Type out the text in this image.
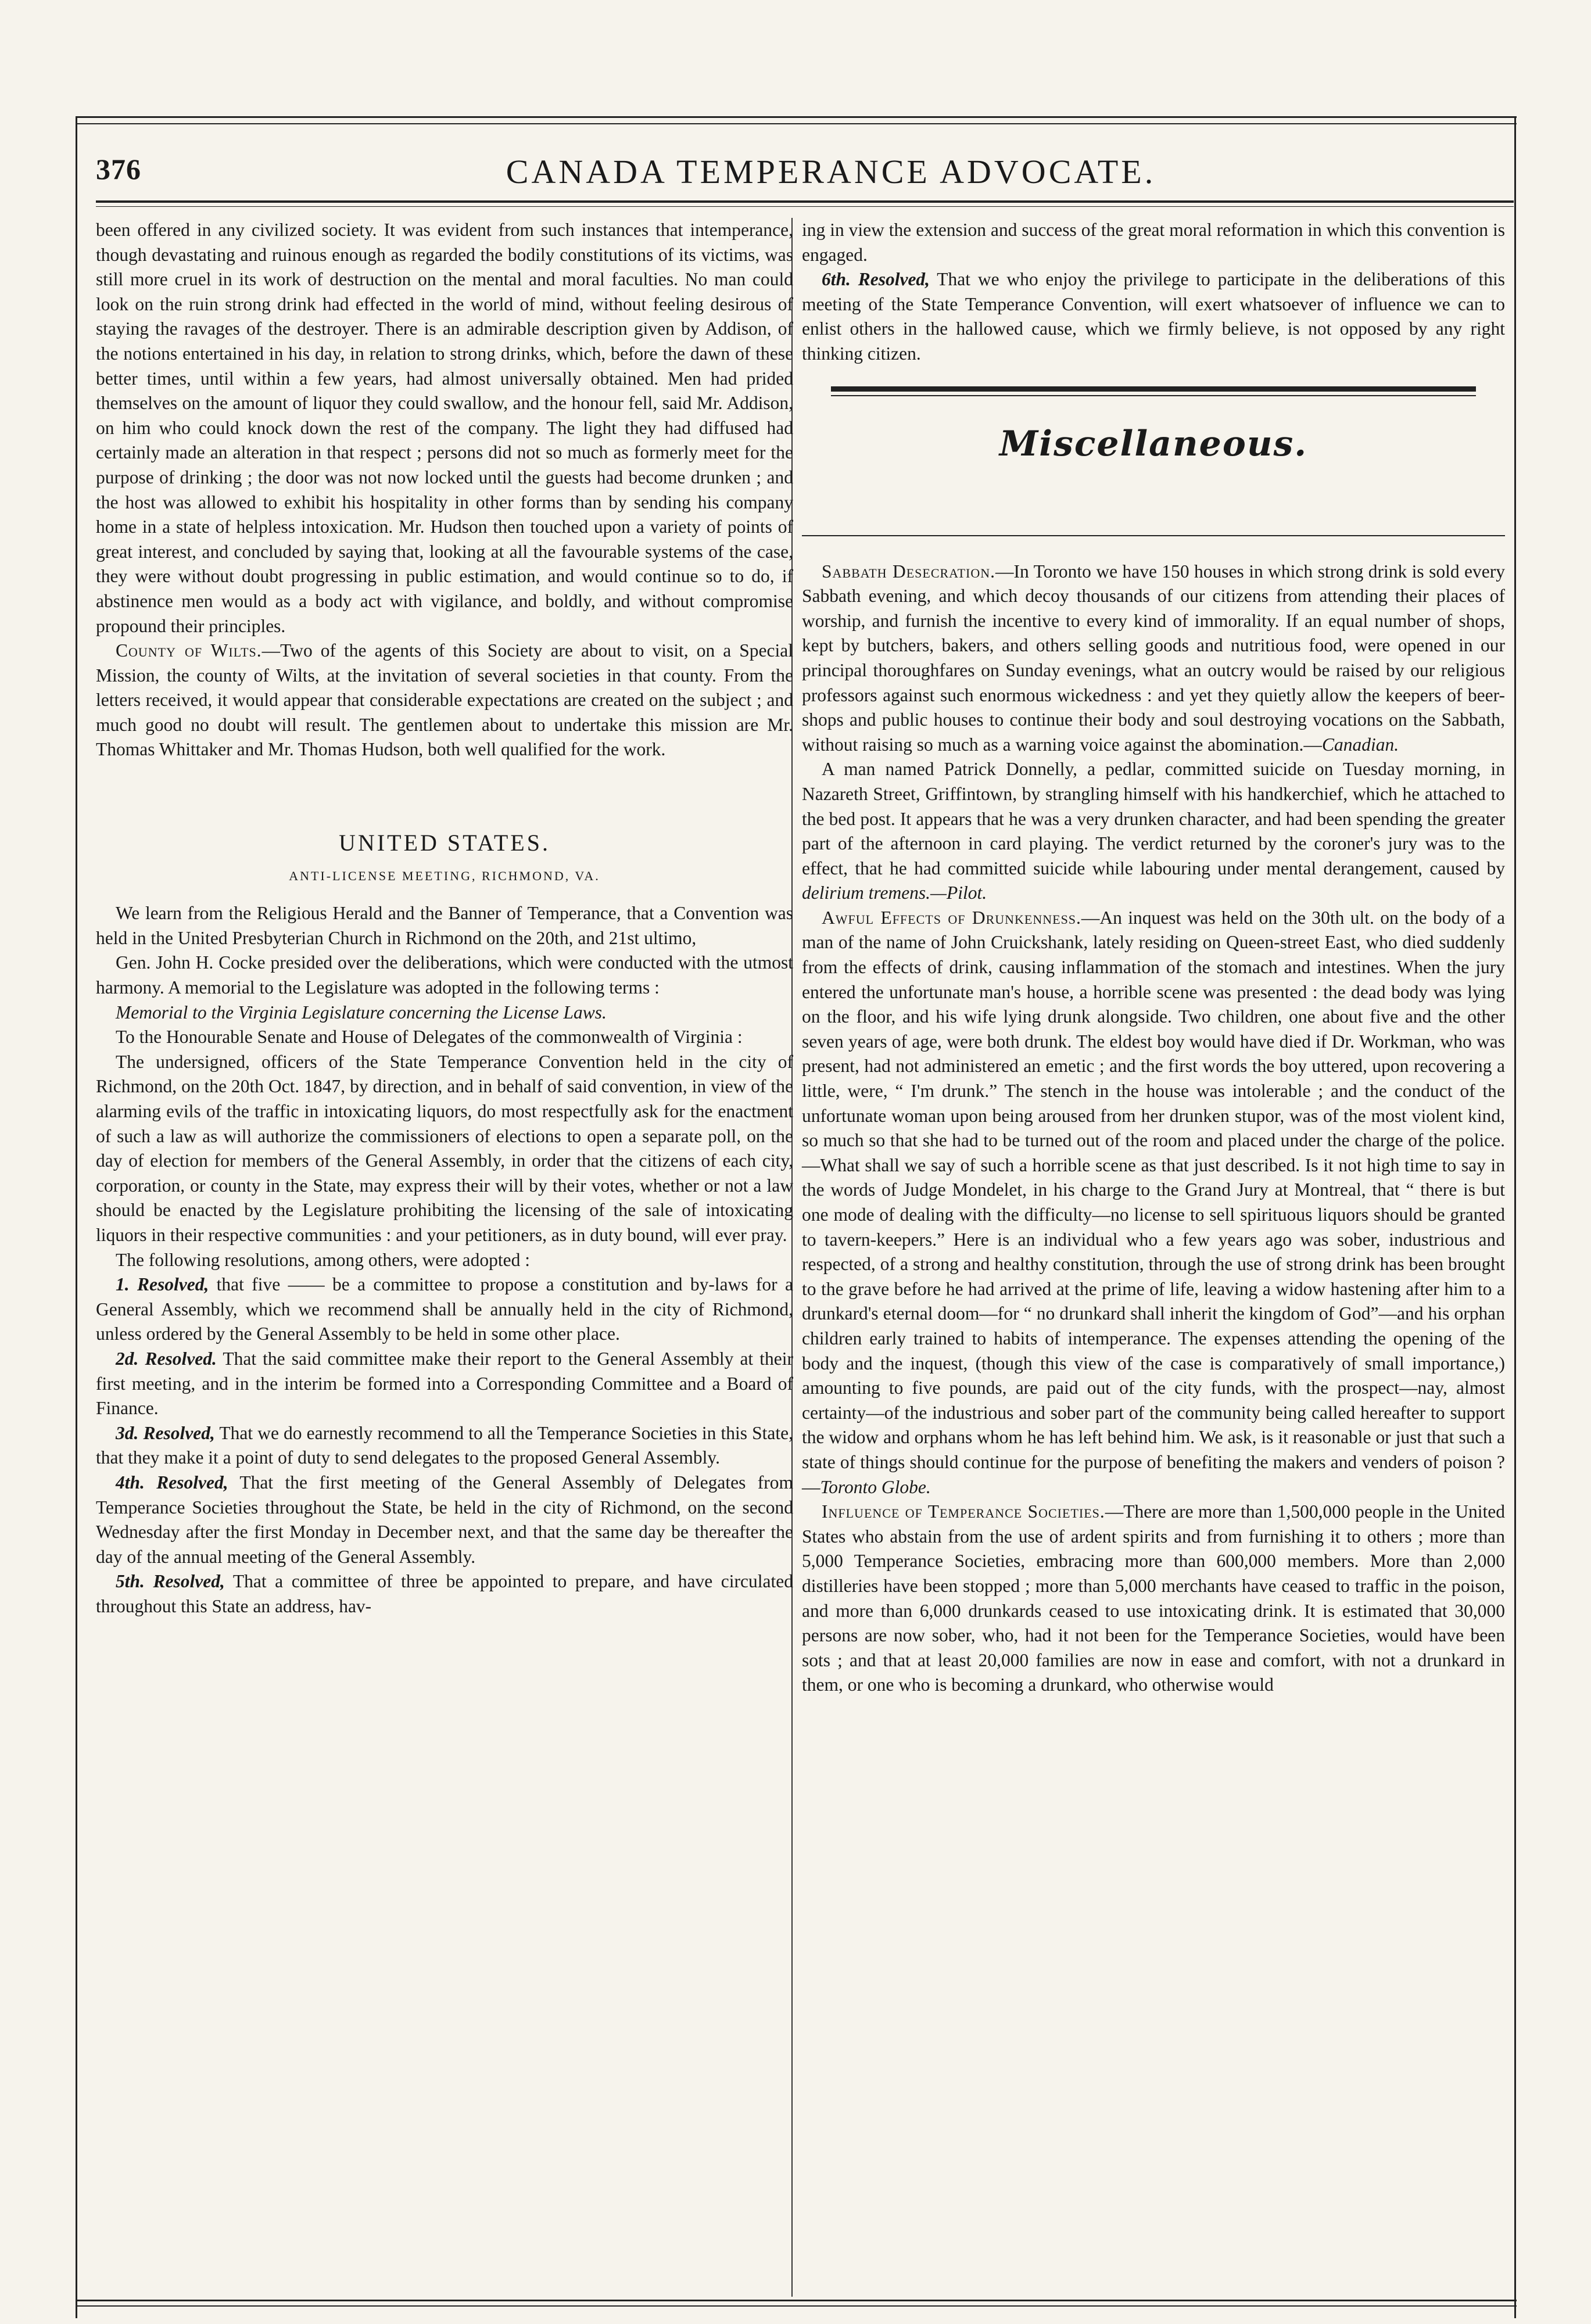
376	CANADA TEMPERANCE ADVOCATE.

been offered in any civilized society. It was evident from such instances that intemperance, though devastating and ruinous enough as regarded the bodily constitutions of its victims, was still more cruel in its work of destruction on the mental and moral faculties. No man could look on the ruin strong drink had effected in the world of mind, without feeling desirous of staying the ravages of the destroyer. There is an admirable description given by Addison, of the notions entertained in his day, in relation to strong drinks, which, before the dawn of these better times, until within a few years, had almost universally obtained. Men had prided themselves on the amount of liquor they could swallow, and the honour fell, said Mr. Addison, on him who could knock down the rest of the company. The light they had diffused had certainly made an alteration in that respect ; persons did not so much as formerly meet for the purpose of drinking ; the door was not now locked until the guests had become drunken ; and the host was allowed to exhibit his hospitality in other forms than by sending his company home in a state of helpless intoxication. Mr. Hudson then touched upon a variety of points of great interest, and concluded by saying that, looking at all the favourable systems of the case, they were without doubt progressing in public estimation, and would continue so to do, if abstinence men would as a body act with vigilance, and boldly, and without compromise propound their principles.

County of Wilts.—Two of the agents of this Society are about to visit, on a Special Mission, the county of Wilts, at the invitation of several societies in that county. From the letters received, it would appear that considerable expectations are created on the subject ; and much good no doubt will result. The gentlemen about to undertake this mission are Mr. Thomas Whittaker and Mr. Thomas Hudson, both well qualified for the work.

UNITED STATES.
ANTI-LICENSE MEETING, RICHMOND, VA.

We learn from the Religious Herald and the Banner of Temperance, that a Convention was held in the United Presbyterian Church in Richmond on the 20th, and 21st ultimo,

Gen. John H. Cocke presided over the deliberations, which were conducted with the utmost harmony. A memorial to the Legislature was adopted in the following terms :

Memorial to the Virginia Legislature concerning the License Laws.

To the Honourable Senate and House of Delegates of the commonwealth of Virginia :

The undersigned, officers of the State Temperance Convention held in the city of Richmond, on the 20th Oct. 1847, by direction, and in behalf of said convention, in view of the alarming evils of the traffic in intoxicating liquors, do most respectfully ask for the enactment of such a law as will authorize the commissioners of elections to open a separate poll, on the day of election for members of the General Assembly, in order that the citizens of each city, corporation, or county in the State, may express their will by their votes, whether or not a law should be enacted by the Legislature prohibiting the licensing of the sale of intoxicating liquors in their respective communities : and your petitioners, as in duty bound, will ever pray.

The following resolutions, among others, were adopted :

1. Resolved, that five —— be a committee to propose a constitution and by-laws for a General Assembly, which we recommend shall be annually held in the city of Richmond, unless ordered by the General Assembly to be held in some other place.

2d. Resolved. That the said committee make their report to the General Assembly at their first meeting, and in the interim be formed into a Corresponding Committee and a Board of Finance.

3d. Resolved, That we do earnestly recommend to all the Temperance Societies in this State, that they make it a point of duty to send delegates to the proposed General Assembly.

4th. Resolved, That the first meeting of the General Assembly of Delegates from Temperance Societies throughout the State, be held in the city of Richmond, on the second Wednesday after the first Monday in December next, and that the same day be thereafter the day of the annual meeting of the General Assembly.

5th. Resolved, That a committee of three be appointed to prepare, and have circulated throughout this State an address, hav-

ing in view the extension and success of the great moral reformation in which this convention is engaged.

6th. Resolved, That we who enjoy the privilege to participate in the deliberations of this meeting of the State Temperance Convention, will exert whatsoever of influence we can to enlist others in the hallowed cause, which we firmly believe, is not opposed by any right thinking citizen.

Miscellaneous.

Sabbath Desecration.—In Toronto we have 150 houses in which strong drink is sold every Sabbath evening, and which decoy thousands of our citizens from attending their places of worship, and furnish the incentive to every kind of immorality. If an equal number of shops, kept by butchers, bakers, and others selling goods and nutritious food, were opened in our principal thoroughfares on Sunday evenings, what an outcry would be raised by our religious professors against such enormous wickedness : and yet they quietly allow the keepers of beer-shops and public houses to continue their body and soul destroying vocations on the Sabbath, without raising so much as a warning voice against the abomination.—Canadian.

A man named Patrick Donnelly, a pedlar, committed suicide on Tuesday morning, in Nazareth Street, Griffintown, by strangling himself with his handkerchief, which he attached to the bed post. It appears that he was a very drunken character, and had been spending the greater part of the afternoon in card playing. The verdict returned by the coroner's jury was to the effect, that he had committed suicide while labouring under mental derangement, caused by delirium tremens.—Pilot.

Awful Effects of Drunkenness.—An inquest was held on the 30th ult. on the body of a man of the name of John Cruickshank, lately residing on Queen-street East, who died suddenly from the effects of drink, causing inflammation of the stomach and intestines. When the jury entered the unfortunate man's house, a horrible scene was presented : the dead body was lying on the floor, and his wife lying drunk alongside. Two children, one about five and the other seven years of age, were both drunk. The eldest boy would have died if Dr. Workman, who was present, had not administered an emetic ; and the first words the boy uttered, upon recovering a little, were, “ I'm drunk.” The stench in the house was intolerable ; and the conduct of the unfortunate woman upon being aroused from her drunken stupor, was of the most violent kind, so much so that she had to be turned out of the room and placed under the charge of the police.—What shall we say of such a horrible scene as that just described. Is it not high time to say in the words of Judge Mondelet, in his charge to the Grand Jury at Montreal, that “ there is but one mode of dealing with the difficulty—no license to sell spirituous liquors should be granted to tavern-keepers.” Here is an individual who a few years ago was sober, industrious and respected, of a strong and healthy constitution, through the use of strong drink has been brought to the grave before he had arrived at the prime of life, leaving a widow hastening after him to a drunkard's eternal doom—for “ no drunkard shall inherit the kingdom of God”—and his orphan children early trained to habits of intemperance. The expenses attending the opening of the body and the inquest, (though this view of the case is comparatively of small importance,) amounting to five pounds, are paid out of the city funds, with the prospect—nay, almost certainty—of the industrious and sober part of the community being called hereafter to support the widow and orphans whom he has left behind him. We ask, is it reasonable or just that such a state of things should continue for the purpose of benefiting the makers and venders of poison ?—Toronto Globe.

Influence of Temperance Societies.—There are more than 1,500,000 people in the United States who abstain from the use of ardent spirits and from furnishing it to others ; more than 5,000 Temperance Societies, embracing more than 600,000 members. More than 2,000 distilleries have been stopped ; more than 5,000 merchants have ceased to traffic in the poison, and more than 6,000 drunkards ceased to use intoxicating drink. It is estimated that 30,000 persons are now sober, who, had it not been for the Temperance Societies, would have been sots ; and that at least 20,000 families are now in ease and comfort, with not a drunkard in them, or one who is becoming a drunkard, who otherwise would
